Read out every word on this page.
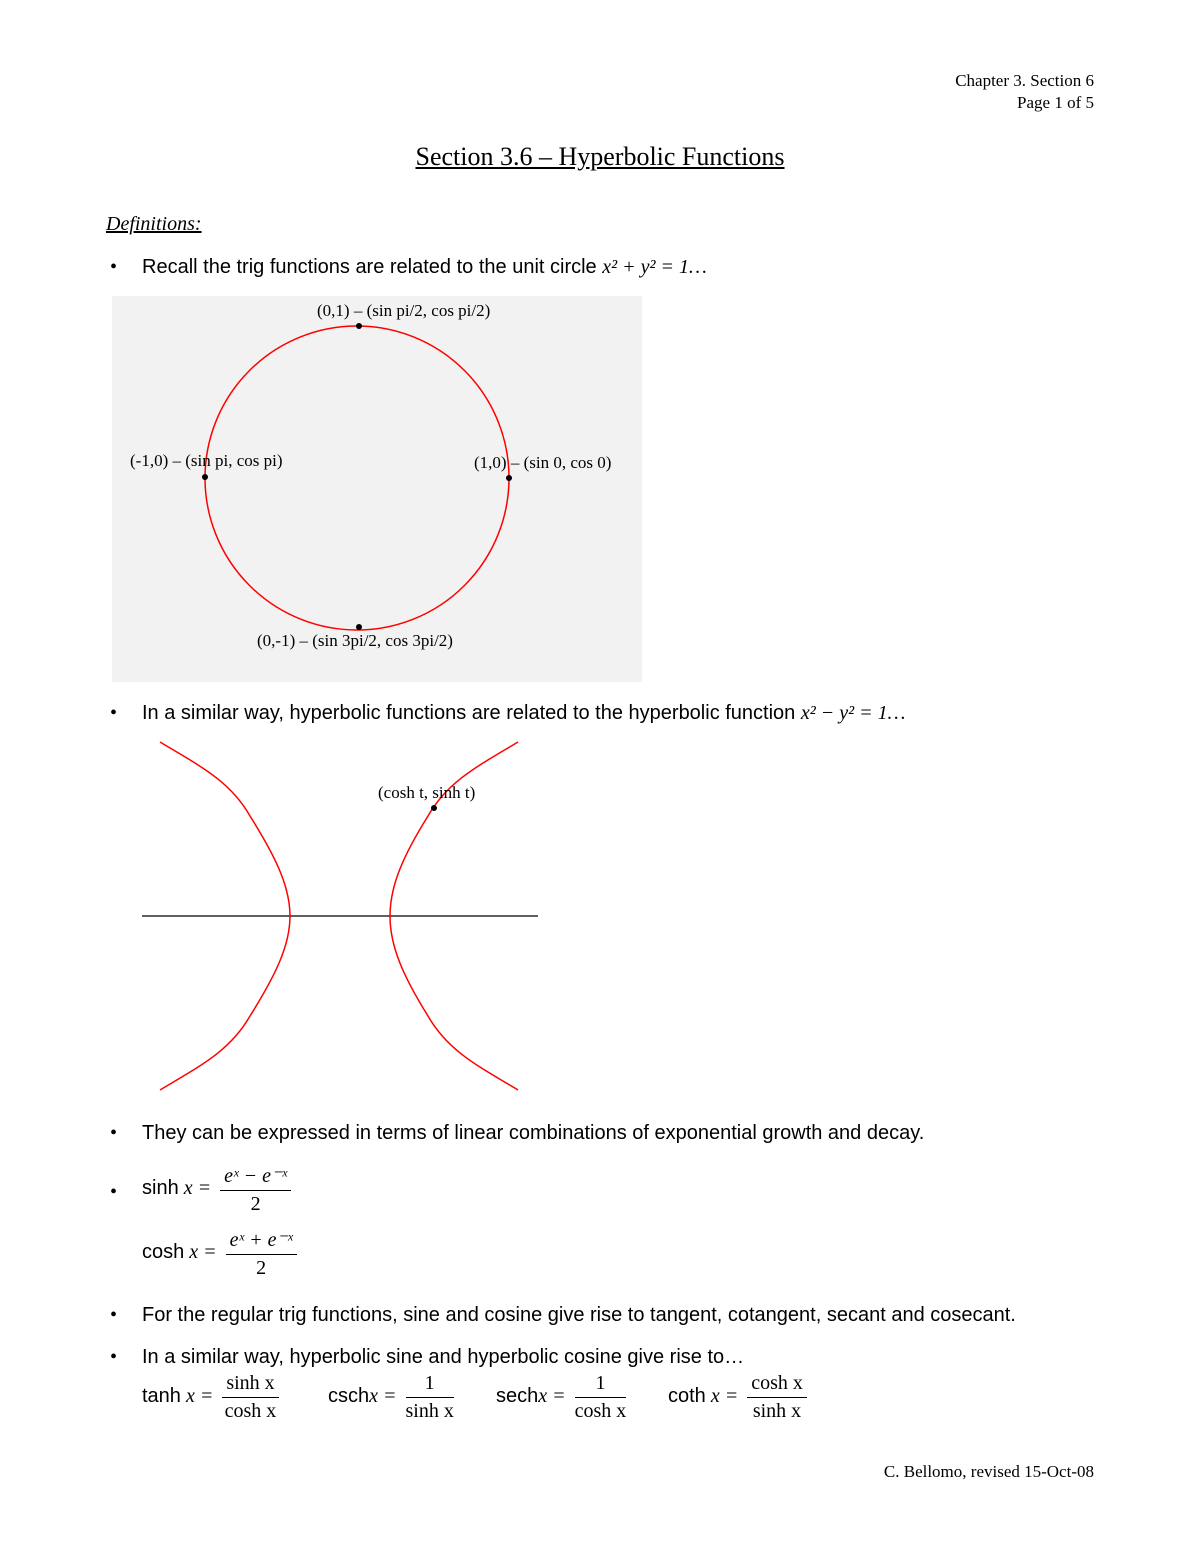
Chapter 3. Section 6
Page 1 of 5
Section 3.6 – Hyperbolic Functions
Definitions:
• Recall the trig functions are related to the unit circle x² + y² = 1…
(0,1) – (sin pi/2, cos pi/2)
(-1,0) – (sin pi, cos pi)	(1,0) – (sin 0, cos 0)
(0,-1) – (sin 3pi/2, cos 3pi/2)
• In a similar way, hyperbolic functions are related to the hyperbolic function x² − y² = 1…
(cosh t, sinh t)
• They can be expressed in terms of linear combinations of exponential growth and decay.
• $\sinh x = \frac{\text{eˣ − e⁻ˣ}}{2}$
$\cosh x = \frac{\text{eˣ + e⁻ˣ}}{2}$
• For the regular trig functions, sine and cosine give rise to tangent, cotangent, secant and cosecant.
• In a similar way, hyperbolic sine and hyperbolic cosine give rise to…
$\tanh x = \frac{\text{sinh x}}{\text{cosh x}}$ cschx = $\frac{1}{\text{sinh x}}$ sechx = $\frac{1}{\text{cosh x}}$ coth $x = \frac{\text{cosh x}}{\text{sinh x}}$
C. Bellomo, revised 15-Oct-08
